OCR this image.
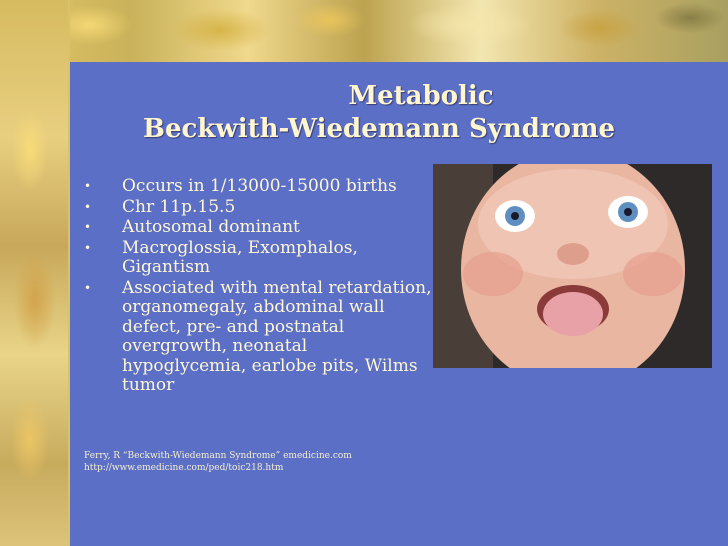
Metabolic
Beckwith-Wiedemann Syndrome
• Occurs in 1/13000-15000 births
• Chr 11p.15.5
• Autosomal dominant
• Macroglossia, Exomphalos, Gigantism
• Associated with mental retardation, organomegaly, abdominal wall defect, pre- and postnatal overgrowth, neonatal hypoglycemia, earlobe pits, Wilms tumor
Ferry, R “Beckwith-Wiedemann Syndrome” emedicine.com
http://www.emedicine.com/ped/toic218.htm
